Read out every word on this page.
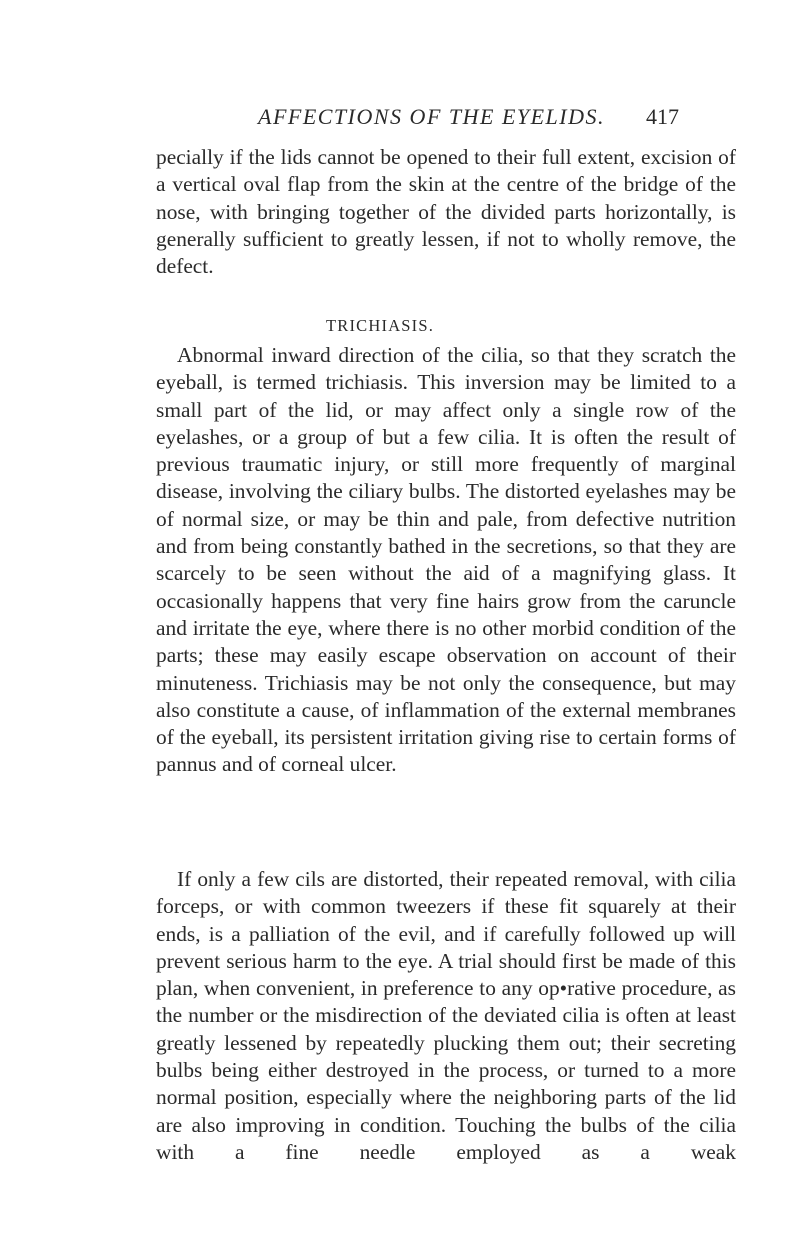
AFFECTIONS OF THE EYELIDS. 417
pecially if the lids cannot be opened to their full extent, excision of a vertical oval flap from the skin at the centre of the bridge of the nose, with bringing together of the divided parts horizontally, is generally sufficient to greatly lessen, if not to wholly remove, the defect.
TRICHIASIS.
Abnormal inward direction of the cilia, so that they scratch the eyeball, is termed trichiasis. This inversion may be limited to a small part of the lid, or may affect only a single row of the eyelashes, or a group of but a few cilia. It is often the result of previous traumatic injury, or still more frequently of marginal disease, involving the ciliary bulbs. The distorted eyelashes may be of normal size, or may be thin and pale, from defective nutrition and from being constantly bathed in the secretions, so that they are scarcely to be seen without the aid of a magnifying glass. It occasionally happens that very fine hairs grow from the caruncle and irritate the eye, where there is no other morbid condition of the parts; these may easily escape observation on account of their minuteness. Trichiasis may be not only the consequence, but may also constitute a cause, of inflammation of the external membranes of the eyeball, its persistent irritation giving rise to certain forms of pannus and of corneal ulcer.
If only a few cils are distorted, their repeated removal, with cilia forceps, or with common tweezers if these fit squarely at their ends, is a palliation of the evil, and if carefully followed up will prevent serious harm to the eye. A trial should first be made of this plan, when convenient, in preference to any op•rative procedure, as the number or the misdirection of the deviated cilia is often at least greatly lessened by repeatedly plucking them out; their secreting bulbs being either destroyed in the process, or turned to a more normal position, especially where the neighboring parts of the lid are also improving in condition. Touching the bulbs of the cilia with a fine needle employed as a weak
